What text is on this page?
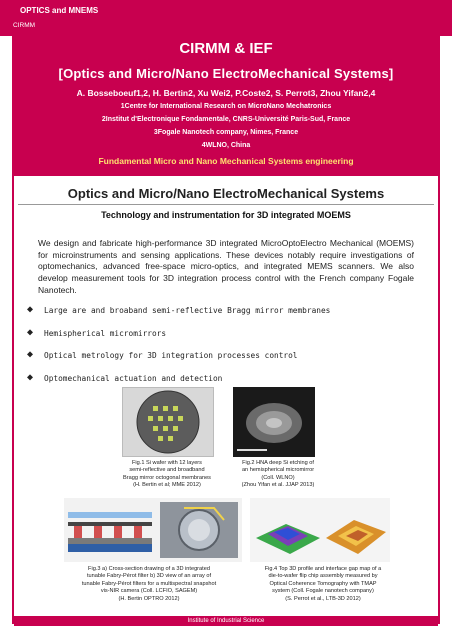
OPTICS and MNEMS
CIRMM
CIRMM & IEF
[Optics and Micro/Nano ElectroMechanical Systems]
A. Bosseboeuf1,2, H. Bertin2, Xu Wei2, P.Coste2, S. Perrot3, Zhou Yifan2,4
1Centre for International Research on MicroNano Mechatronics
2Institut d'Electronique Fondamentale, CNRS-Université Paris-Sud, France
3Fogale Nanotech company, Nimes, France
4WLNO, China
Fundamental Micro and Nano Mechanical Systems engineering
Optics and Micro/Nano ElectroMechanical Systems
Technology and instrumentation for 3D integrated MOEMS
We design and fabricate high-performance 3D integrated MicroOptoElectro Mechanical (MOEMS) for microinstruments and sensing applications. These devices notably require investigations of optomechanics, advanced free-space micro-optics, and integrated MEMS scanners. We also develop measurement tools for 3D integration process control with the French company Fogale Nanotech.
◆ Large are and broaband semi-reflective Bragg mirror membranes
◆ Hemispherical micromirrors
◆ Optical metrology for 3D integration processes control
◆ Optomechanical actuation and detection
Fig.1 Si wafer with 12 layers
semi-reflective and broadband
Bragg mirror octogonal membranes
(H. Bertin et al; MME 2012)
Fig.2 HNA deep Si etching of
an hemispherical micromirror
(Coll. WLNO)
(Zhou Yifan et al. JJAP 2013)
Fig.3 a) Cross-section drawing of a 3D integrated
tunable Fabry-Pérot filter b) 3D view of an array of
tunable Fabry-Pérot filters for a multispectral snapshot
vis-NIR camera (Coll. LCFIO, SAGEM)
(H. Bertin OPTRO 2012)
Fig.4 Top 3D profile and interface gap map of a
die-to-wafer flip chip assembly measured by
Optical Coherence Tomography with TMAP
system (Coll. Fogale nanotech company)
(S. Perrot et al., LTB-3D 2012)
Institute of Industrial Science
